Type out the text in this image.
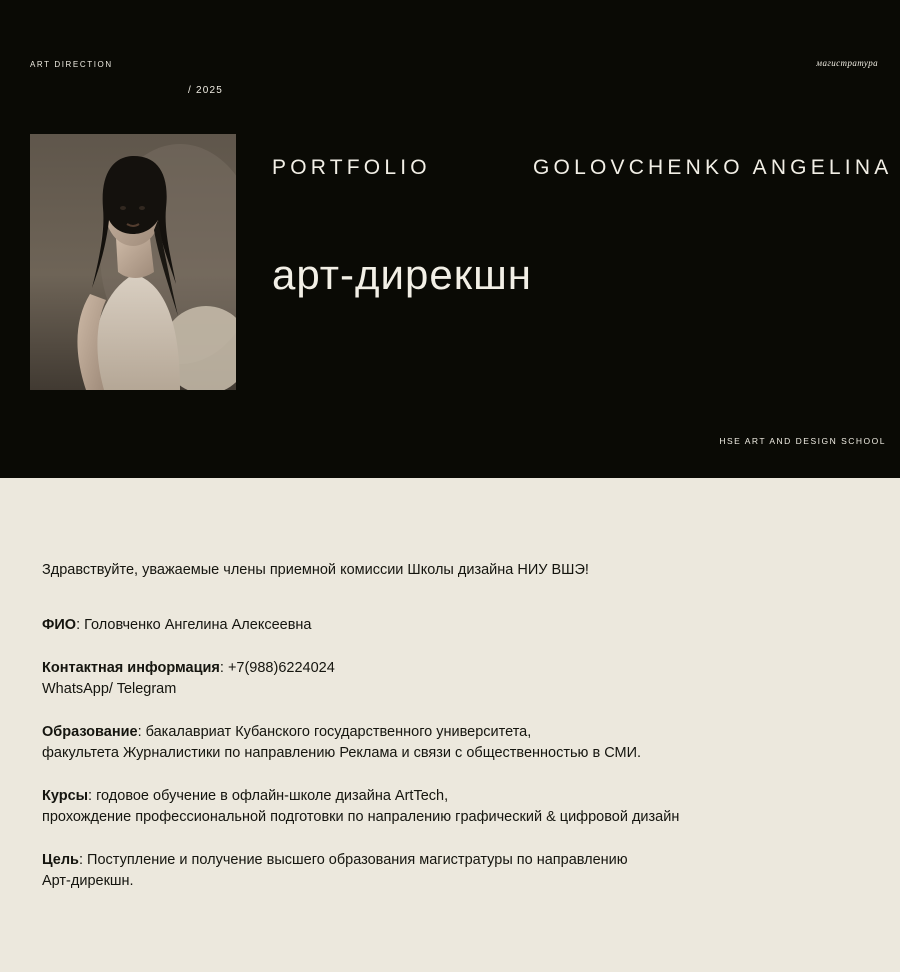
ART DIRECTION	магистратура
/ 2025
PORTFOLIO	GOLOVCHENKO ANGELINA
арт-дирекшн
HSE ART AND DESIGN SCHOOL
Здравствуйте, уважаемые члены приемной комиссии Школы дизайна НИУ ВШЭ!
ФИО: Головченко Ангелина Алексеевна
Контактная информация: +7(988)6224024
WhatsApp/ Telegram
Образование: бакалавриат Кубанского государственного университета,
факультета Журналистики по направлению Реклама и связи с общественностью в СМИ.
Курсы: годовое обучение в офлайн-школе дизайна ArtTech,
прохождение профессиональной подготовки по напралению графический & цифровой дизайн
Цель: Поступление и получение высшего образования магистратуры по направлению
Арт-дирекшн.
